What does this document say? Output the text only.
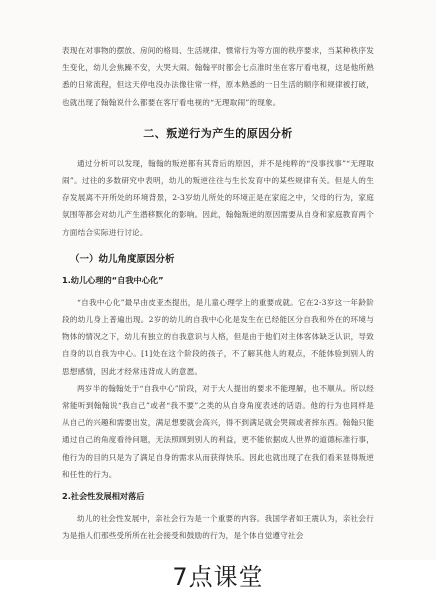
表现在对事物的摆放、房间的格局、生活规律、惯常行为等方面的秩序要求，当某种秩序发生变化，幼儿会焦躁不安，大哭大闹。翰翰平时都会七点准时坐在客厅看电视，这是他所熟悉的日常流程，但这天停电没办法像往常一样，原本熟悉的一日生活的顺序和规律被打破，也就出现了翰翰说什么都要在客厅看电视的“无理取闹”的现象。

二、叛逆行为产生的原因分析

通过分析可以发现，翰翰的叛逆都有其背后的原因，并不是纯粹的“没事找事”“无理取闹”。过往的多数研究中表明，幼儿的叛逆往往与生长发育中的某些规律有关。但是人的生存发展离不开所处的环境背景，2-3岁幼儿所处的环境正是在家庭之中，父母的行为，家庭氛围等都会对幼儿产生潜移默化的影响。因此，翰翰叛逆的原因需要从自身和家庭教育两个方面结合实际进行讨论。

（一）幼儿角度原因分析
1.幼儿心理的“自我中心化”

“自我中心化”最早由皮亚杰提出，是儿童心理学上的重要成就。它在2-3岁这一年龄阶段的幼儿身上普遍出现。2岁的幼儿的自我中心化是发生在已经能区分自我和外在的环境与物体的情况之下，幼儿有独立的自我意识与人格，但是由于他们对主体客体缺乏认识，导致自身的以自我为中心。[1]处在这个阶段的孩子，不了解其他人的观点，不能体验到别人的思想感情，因此才经常违背成人的意愿。

两岁半的翰翰处于“自我中心”阶段，对于大人提出的要求不能理解，也不顺从。所以经常能听到翰翰说“我自己”或者“我不要”之类的从自身角度表述的话语。他的行为也同样是从自己的兴趣和需要出发，满足想要就会高兴，得不到满足就会哭闹或者摔东西。翰翰只能通过自己的角度看待问题，无法照顾到别人的利益，更不能依据成人世界的道德标准行事，他行为的目的只是为了满足自身的需求从而获得快乐。因此也就出现了在我们看来显得叛逆和任性的行为。

2.社会性发展相对落后

幼儿的社会性发展中，亲社会行为是一个重要的内容。我国学者如王震认为，亲社会行为是指人们那些受所所在社会接受和鼓励的行为，是个体自觉遵守社会

7点课堂
